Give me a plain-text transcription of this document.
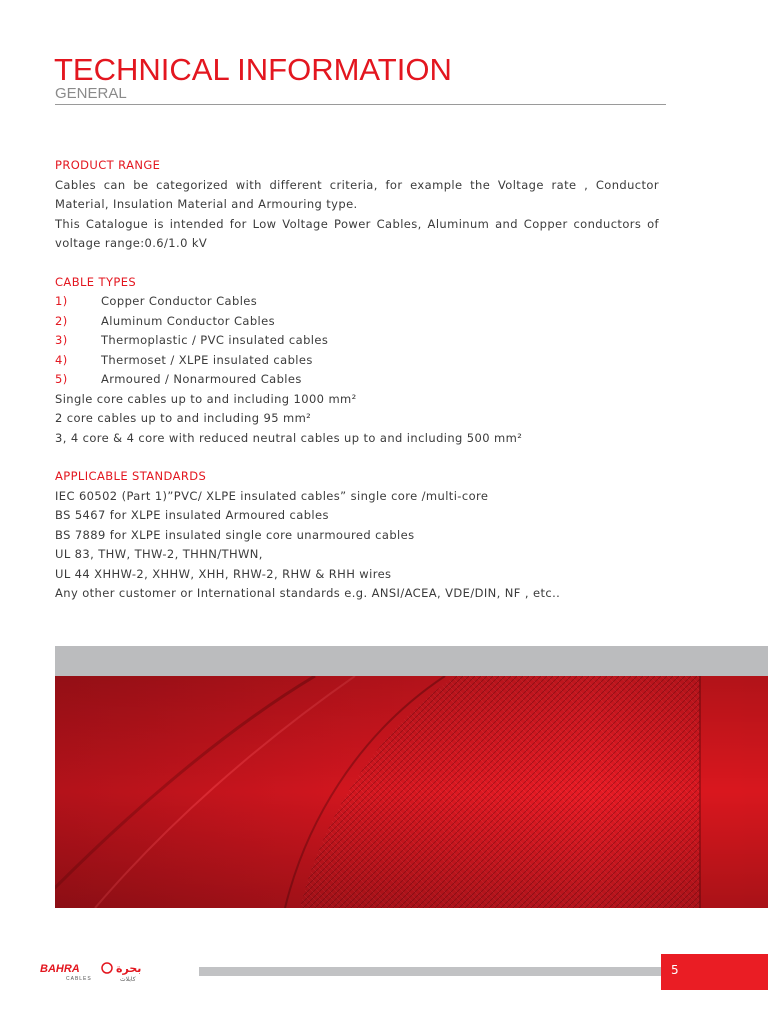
TECHNICAL INFORMATION
GENERAL

PRODUCT RANGE

Cables can be categorized with different criteria, for example the Voltage rate , Conductor Material, Insulation Material and Armouring type.

This Catalogue is intended for Low Voltage Power Cables, Aluminum and Copper conductors of voltage range:0.6/1.0 kV

CABLE TYPES

1)	Copper Conductor Cables
2)	Aluminum Conductor Cables
3)	Thermoplastic / PVC insulated cables
4)	Thermoset / XLPE insulated cables
5)	Armoured / Nonarmoured Cables

Single core cables up to and including 1000 mm²

2 core cables up to and including 95 mm²

3, 4 core & 4 core with reduced neutral cables up to and including 500 mm²

APPLICABLE STANDARDS

IEC 60502 (Part 1)”PVC/ XLPE insulated cables” single core /multi-core

BS 5467 for XLPE insulated Armoured cables

BS 7889 for XLPE insulated single core unarmoured cables

UL 83, THW, THW-2, THHN/THWN,

UL 44 XHHW-2, XHHW, XHH, RHW-2, RHW & RHH wires

Any other customer or International standards e.g. ANSI/ACEA, VDE/DIN, NF , etc..

BAHRA
CABLES
بحرة
كابلات
5
